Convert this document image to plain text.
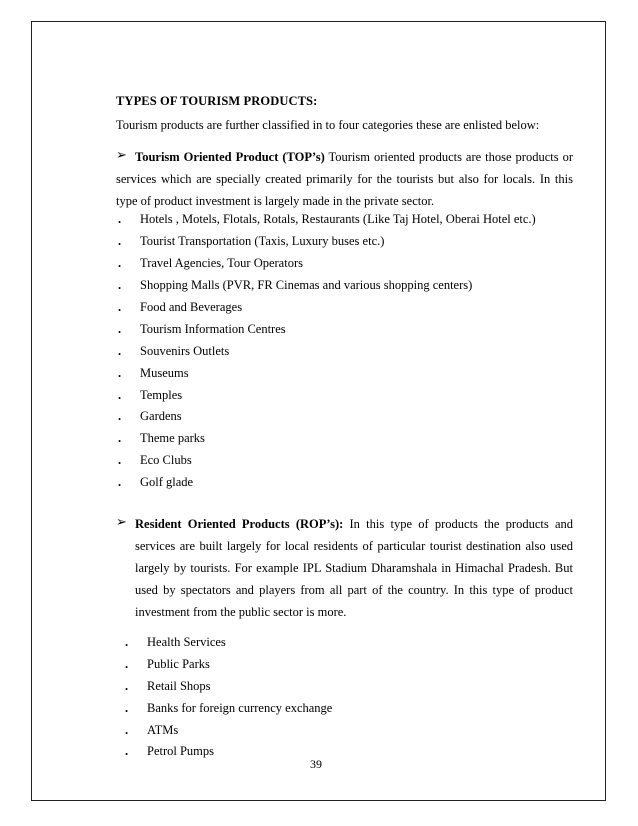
TYPES OF TOURISM PRODUCTS:
Tourism products are further classified in to four categories these are enlisted below:
➢ Tourism Oriented Product (TOP’s) Tourism oriented products are those products or
services which are specially created primarily for the tourists but also for locals. In this
type of product investment is largely made in the private sector.
. Hotels , Motels, Flotals, Rotals, Restaurants (Like Taj Hotel, Oberai Hotel etc.)
. Tourist Transportation (Taxis, Luxury buses etc.)
. Travel Agencies, Tour Operators
. Shopping Malls (PVR, FR Cinemas and various shopping centers)
. Food and Beverages
. Tourism Information Centres
. Souvenirs Outlets
. Museums
. Temples
. Gardens
. Theme parks
. Eco Clubs
. Golf glade
➢ Resident Oriented Products (ROP’s): In this type of products the products and
services are built largely for local residents of particular tourist destination also used
largely by tourists. For example IPL Stadium Dharamshala in Himachal Pradesh. But
used by spectators and players from all part of the country. In this type of product
investment from the public sector is more.
. Health Services
. Public Parks
. Retail Shops
. Banks for foreign currency exchange
. ATMs
. Petrol Pumps
39
